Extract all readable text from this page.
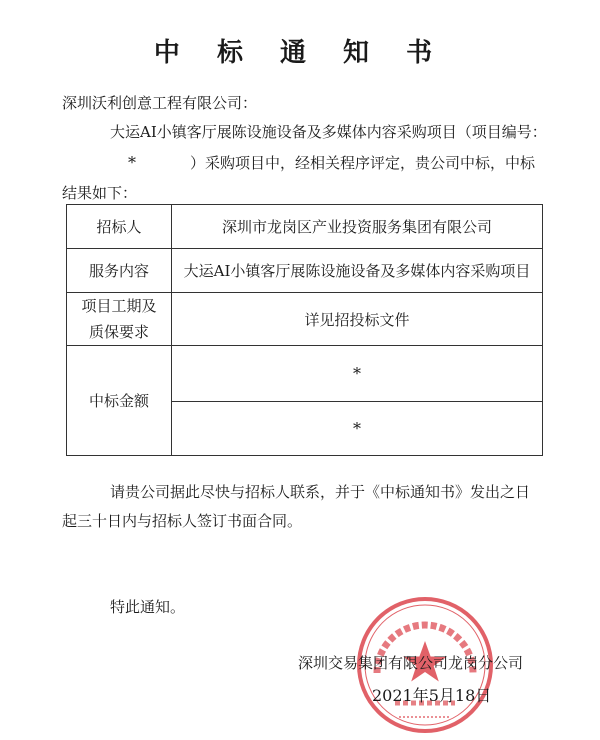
中 标 通 知 书
深圳沃利创意工程有限公司：
大运AI小镇客厅展陈设施设备及多媒体内容采购项目（项目编号：
*	）采购项目中，经相关程序评定，贵公司中标，中标
结果如下：
招标人	深圳市龙岗区产业投资服务集团有限公司
服务内容	大运AI小镇客厅展陈设施设备及多媒体内容采购项目
项目工期及
质保要求	详见招投标文件
中标金额	*
	*
请贵公司据此尽快与招标人联系，并于《中标通知书》发出之日
起三十日内与招标人签订书面合同。
特此通知。
深圳交易集团有限公司龙岗分公司
2021年5月18日
